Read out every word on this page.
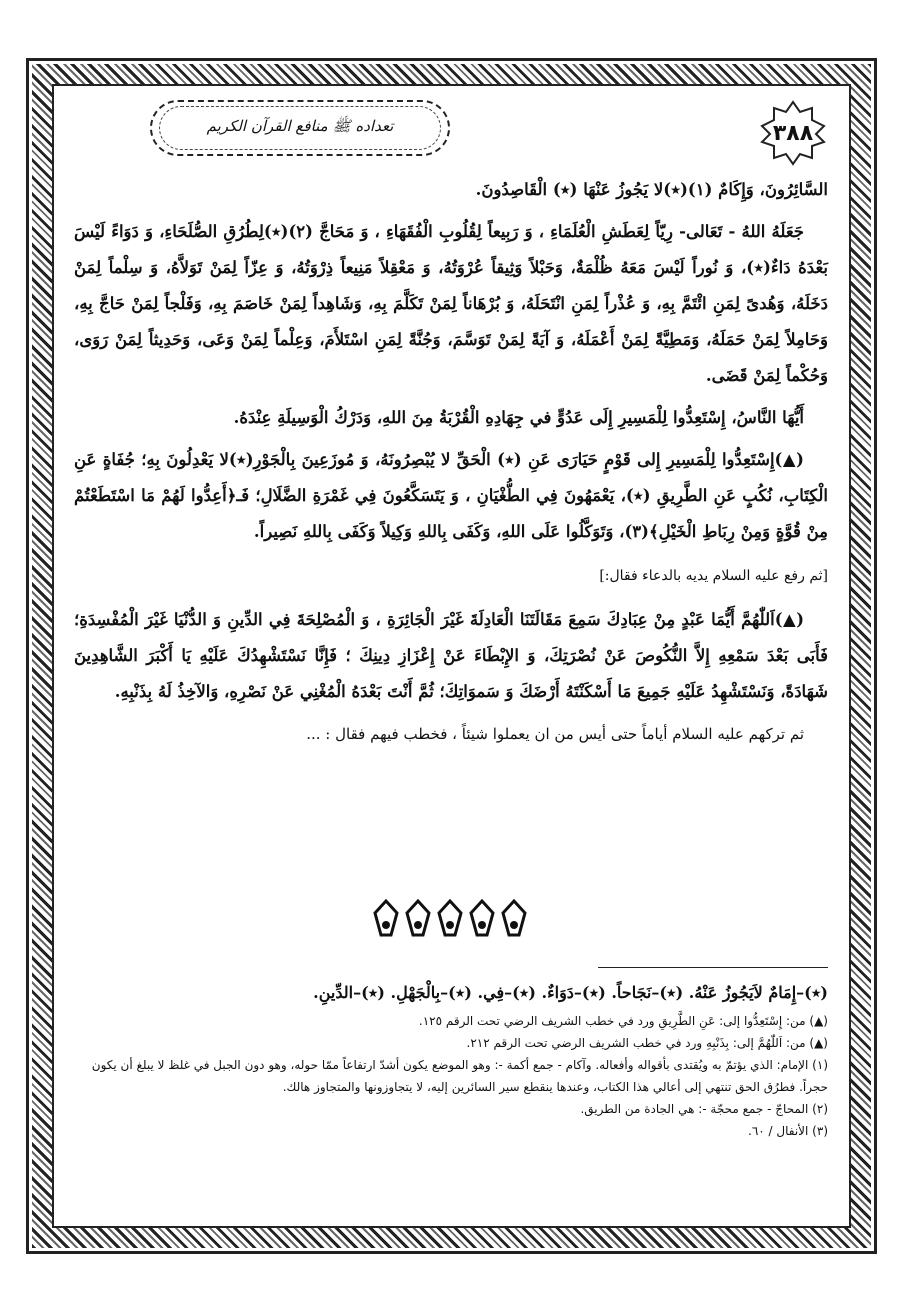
تعداده ﷺ منافع القرآن الكريم	٣٨٨

السَّائِرُونَ، وَإِكَامٌ (١)(٭)لا يَجُوزُ عَنْهَا (٭) الْقَاصِدُونَ.

جَعَلَهُ اللهُ - تَعَالى- رِيّاً لِعَطَشِ الْعُلَمَاءِ ، وَ رَبِيعاً لِقُلُوبِ الْفُقَهَاءِ ، وَ مَحَاجَّ (٢)(٭)لِطُرُقِ الصُّلَحَاءِ، وَ دَوَاءً لَيْسَ بَعْدَهُ دَاءٌ(٭)، وَ نُوراً لَيْسَ مَعَهُ ظُلْمَةٌ، وَحَبْلاً وَثِيقاً عُرْوَتُهُ، وَ مَعْقِلاً مَنِيعاً ذِرْوَتُهُ، وَ عِزّاً لِمَنْ تَوَلاَّهُ، وَ سِلْماً لِمَنْ دَخَلَهُ، وَهُدىً لِمَنِ ائْتَمَّ بِهِ، وَ عُذْراً لِمَنِ انْتَحَلَهُ، وَ بُرْهَاناً لِمَنْ تَكَلَّمَ بِهِ، وَشَاهِداً لِمَنْ خَاصَمَ بِهِ، وَفَلْجاً لِمَنْ حَاجَّ بِهِ، وَحَامِلاً لِمَنْ حَمَلَهُ، وَمَطِيَّةً لِمَنْ أَعْمَلَهُ، وَ آيَةً لِمَنْ تَوَسَّمَ، وَجُنَّةً لِمَنِ اسْتَلأَمَ، وَعِلْماً لِمَنْ وَعَى، وَحَدِيثاً لِمَنْ رَوَى، وَحُكْماً لِمَنْ قَضَى.

أَيُّهَا النَّاسُ، إِسْتَعِدُّوا لِلْمَسِيرِ إِلَى عَدُوٍّ في جِهَادِهِ الْقُرْبَةُ مِنَ اللهِ، وَدَرْكُ الْوَسِيلَةِ عِنْدَهُ.

(▲)إِسْتَعِدُّوا لِلْمَسِيرِ إِلى قَوْمٍ حَيَارَى عَنِ (٭) الْحَقِّ لا يُبْصِرُونَهُ، وَ مُوزَعِينَ بِالْجَوْرِ(٭)لا يَعْدِلُونَ بِهِ؛ جُفَاةٍ عَنِ الْكِتَابِ، نُكُبٍ عَنِ الطَّرِيقِ (٭)، يَعْمَهُونَ فِي الطُّغْيَانِ ، وَ يَتَسَكَّعُونَ فِي غَمْرَةِ الضَّلَالِ؛ فَـ﴿أَعِدُّوا لَهُمْ مَا اسْتَطَعْتُمْ مِنْ قُوَّةٍ وَمِنْ رِبَاطِ الْخَيْلِ﴾(٣)، وَتَوَكَّلُوا عَلَى اللهِ، وَكَفَى بِاللهِ وَكِيلاً وَكَفَى بِاللهِ نَصِيراً.

[ثم رفع عليه السلام يديه بالدعاء فقال:]

(▲)اَللّٰهُمَّ أَيُّمَا عَبْدٍ مِنْ عِبَادِكَ سَمِعَ مَقَالَتَنَا الْعَادِلَةَ غَيْرَ الْجَائِرَةِ ، وَ الْمُصْلِحَةَ فِي الدِّينِ وَ الدُّنْيَا غَيْرَ الْمُفْسِدَةِ؛ فَأَبَى بَعْدَ سَمْعِهِ إِلاَّ النُّكُوصَ عَنْ نُصْرَتِكَ، وَ الإِبْطَاءَ عَنْ إِعْزَازِ دِينِكَ ؛ فَإِنَّا نَسْتَشْهِدُكَ عَلَيْهِ يَا أَكْبَرَ الشَّاهِدِينَ شَهَادَةً، وَنَسْتَشْهِدُ عَلَيْهِ جَمِيعَ مَا أَسْكَنْتَهُ أَرْضَكَ وَ سَموَاتِكَ؛ ثُمَّ أَنْتَ بَعْدَهُ الْمُغْنِي عَنْ نَصْرِهِ، وَالآخِذُ لَهُ بِذَنْبِهِ.

ثم تركهم عليه السلام أياماً حتى أيس من ان يعملوا شيئاً ، فخطب فيهم فقال : ...

(٭)–إِمَامٌ لاَيَجُوزُ عَنْهُ. (٭)–نَجَاحاً. (٭)–دَوَاءٌ. (٭)–فِي. (٭)–بِالْجَهْلِ. (٭)–الدِّينِ.

(▲) من: إِسْتَعِدُّوا إلى: عَنِ الطَّرِيقِ ورد في خطب الشريف الرضي تحت الرقم ١٢٥.

(▲) من: اَللّٰهُمَّ إلى: بِذَنْبِهِ ورد في خطب الشريف الرضي تحت الرقم ٢١٢.

(١) الإمام: الذي يؤتمّ به ويُقتدى بأقواله وأفعاله. وآكام - جمع أكمة -: وهو الموضع يكون أشدّ ارتفاعاً ممّا حوله، وهو دون الجبل في غلظ لا يبلغ أن يكون حجراً. فطرُق الحق تنتهي إلى أعالي هذا الكتاب، وعندها ينقطع سير السائرين إليه، لا يتجاوزونها والمتجاوز هالك.

(٢) المحاجّ - جمع محجّة -: هي الجادة من الطريق.

(٣) الأنفال / ٦٠.
